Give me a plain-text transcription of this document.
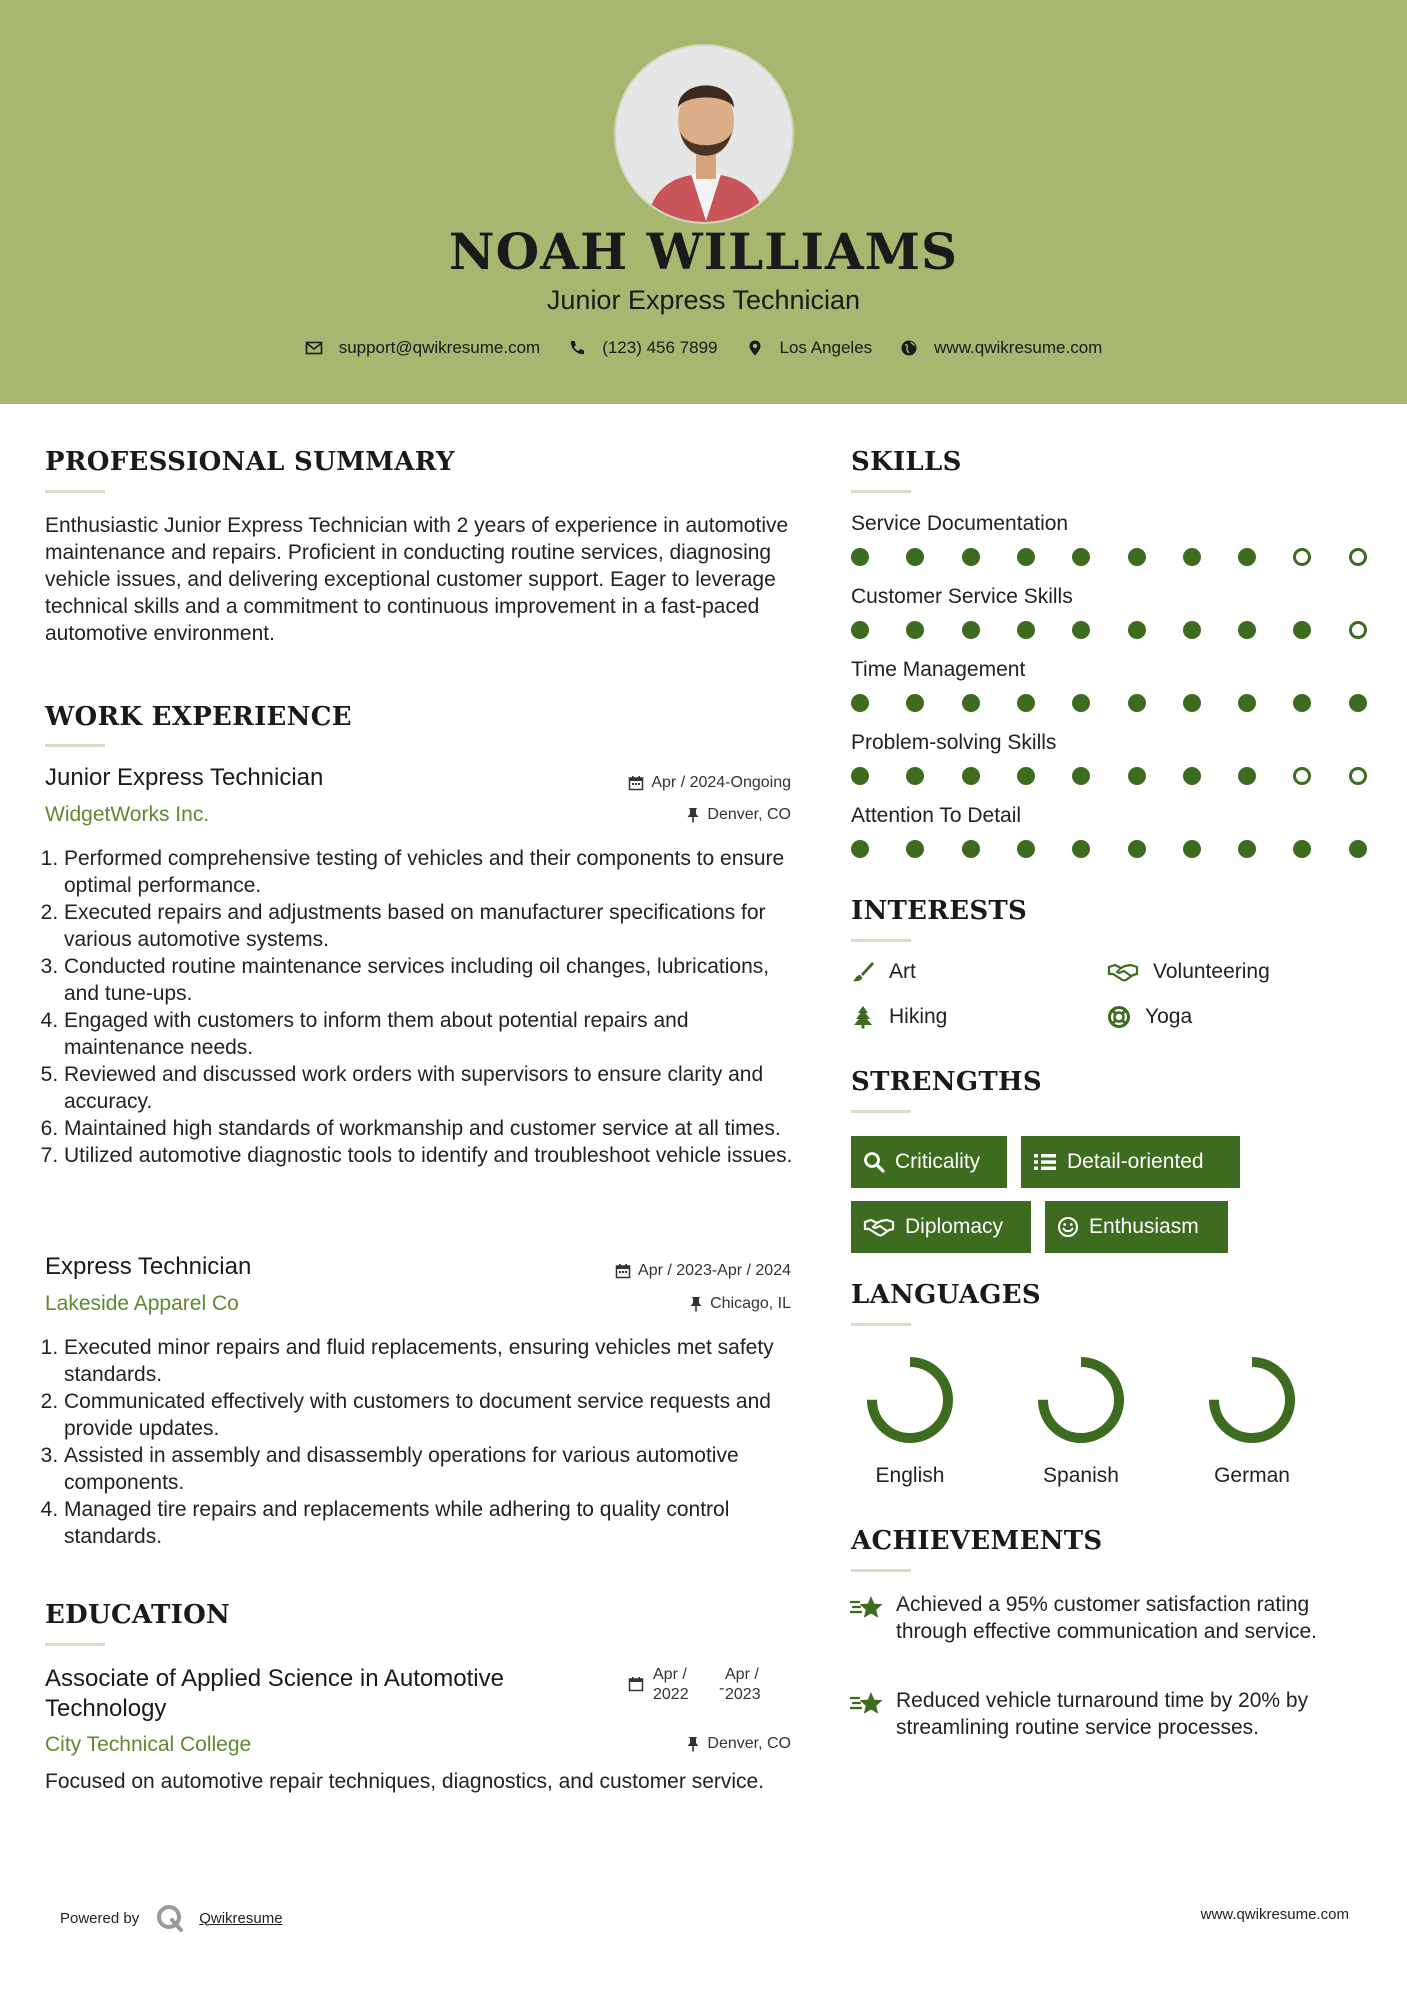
NOAH WILLIAMS
Junior Express Technician
support@qwikresume.com	(123) 456 7899	Los Angeles	www.qwikresume.com
PROFESSIONAL SUMMARY
Enthusiastic Junior Express Technician with 2 years of experience in automotive maintenance and repairs. Proficient in conducting routine services, diagnosing vehicle issues, and delivering exceptional customer support. Eager to leverage technical skills and a commitment to continuous improvement in a fast-paced automotive environment.
WORK EXPERIENCE
Junior Express Technician	Apr / 2024-Ongoing
WidgetWorks Inc.	Denver, CO
1. Performed comprehensive testing of vehicles and their components to ensure optimal performance.
2. Executed repairs and adjustments based on manufacturer specifications for various automotive systems.
3. Conducted routine maintenance services including oil changes, lubrications, and tune-ups.
4. Engaged with customers to inform them about potential repairs and maintenance needs.
5. Reviewed and discussed work orders with supervisors to ensure clarity and accuracy.
6. Maintained high standards of workmanship and customer service at all times.
7. Utilized automotive diagnostic tools to identify and troubleshoot vehicle issues.
Express Technician	Apr / 2023-Apr / 2024
Lakeside Apparel Co	Chicago, IL
1. Executed minor repairs and fluid replacements, ensuring vehicles met safety standards.
2. Communicated effectively with customers to document service requests and provide updates.
3. Assisted in assembly and disassembly operations for various automotive components.
4. Managed tire repairs and replacements while adhering to quality control standards.
EDUCATION
Associate of Applied Science in Automotive Technology
Apr /
2022 -
Apr /
2023
City Technical College	Denver, CO
Focused on automotive repair techniques, diagnostics, and customer service.
SKILLS
Service Documentation
Customer Service Skills
Time Management
Problem-solving Skills
Attention To Detail
INTERESTS
Art	Volunteering
Hiking	Yoga
STRENGTHS
Criticality	Detail-oriented
Diplomacy	Enthusiasm
LANGUAGES
English	Spanish	German
ACHIEVEMENTS
Achieved a 95% customer satisfaction rating through effective communication and service.
Reduced vehicle turnaround time by 20% by streamlining routine service processes.
Powered by	Qwikresume	www.qwikresume.com
